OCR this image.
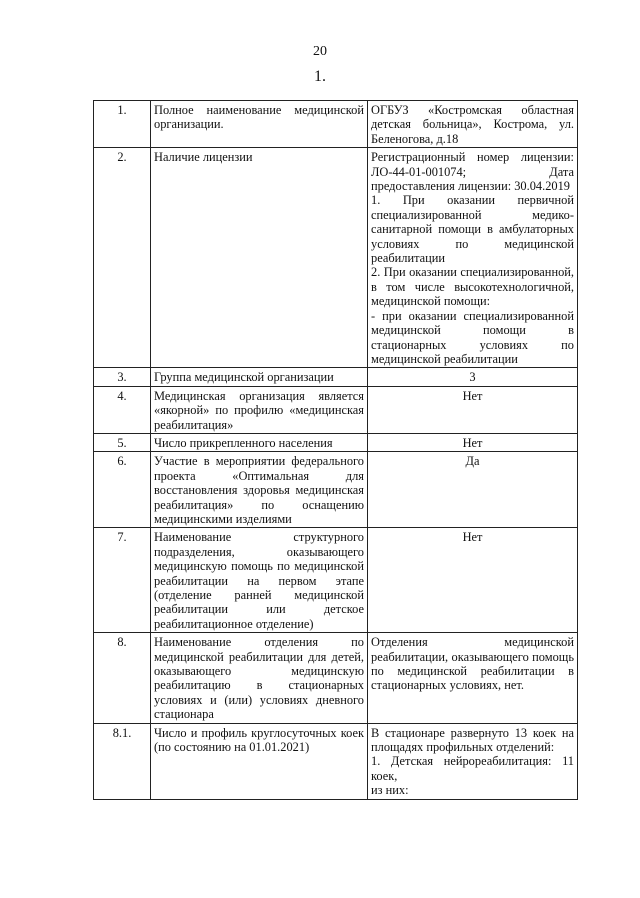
20
1.
1.	Полное наименование медицинской организации.	ОГБУЗ «Костромская областная детская больница», Кострома, ул. Беленогова, д.18
2.	Наличие лицензии	Регистрационный номер лицензии: ЛО-44-01-001074; Дата предоставления лицензии: 30.04.2019

1. При оказании первичной специализированной медико-санитарной помощи в амбулаторных условиях по медицинской реабилитации

2. При оказании специализированной, в том числе высокотехнологичной, медицинской помощи:

- при оказании специализированной медицинской помощи в стационарных условиях по медицинской реабилитации

3.	Группа медицинской организации	3
4.	Медицинская организация является «якорной» по профилю «медицинская реабилитация»	Нет
5.	Число прикрепленного населения	Нет
6.	Участие в мероприятии федерального проекта «Оптимальная для восстановления здоровья медицинская реабилитация» по оснащению медицинскими изделиями	Да
7.	Наименование структурного подразделения, оказывающего медицинскую помощь по медицинской реабилитации на первом этапе (отделение ранней медицинской реабилитации или детское реабилитационное отделение)	Нет
8.	Наименование отделения по медицинской реабилитации для детей, оказывающего медицинскую реабилитацию в стационарных условиях и (или) условиях дневного стационара	Отделения медицинской реабилитации, оказывающего помощь по медицинской реабилитации в стационарных условиях, нет.
8.1.	Число и профиль круглосуточных коек (по состоянию на 01.01.2021)	В стационаре развернуто 13 коек на площадях профильных отделений:

1. Детская нейрореабилитация: 11 коек,

из них:
